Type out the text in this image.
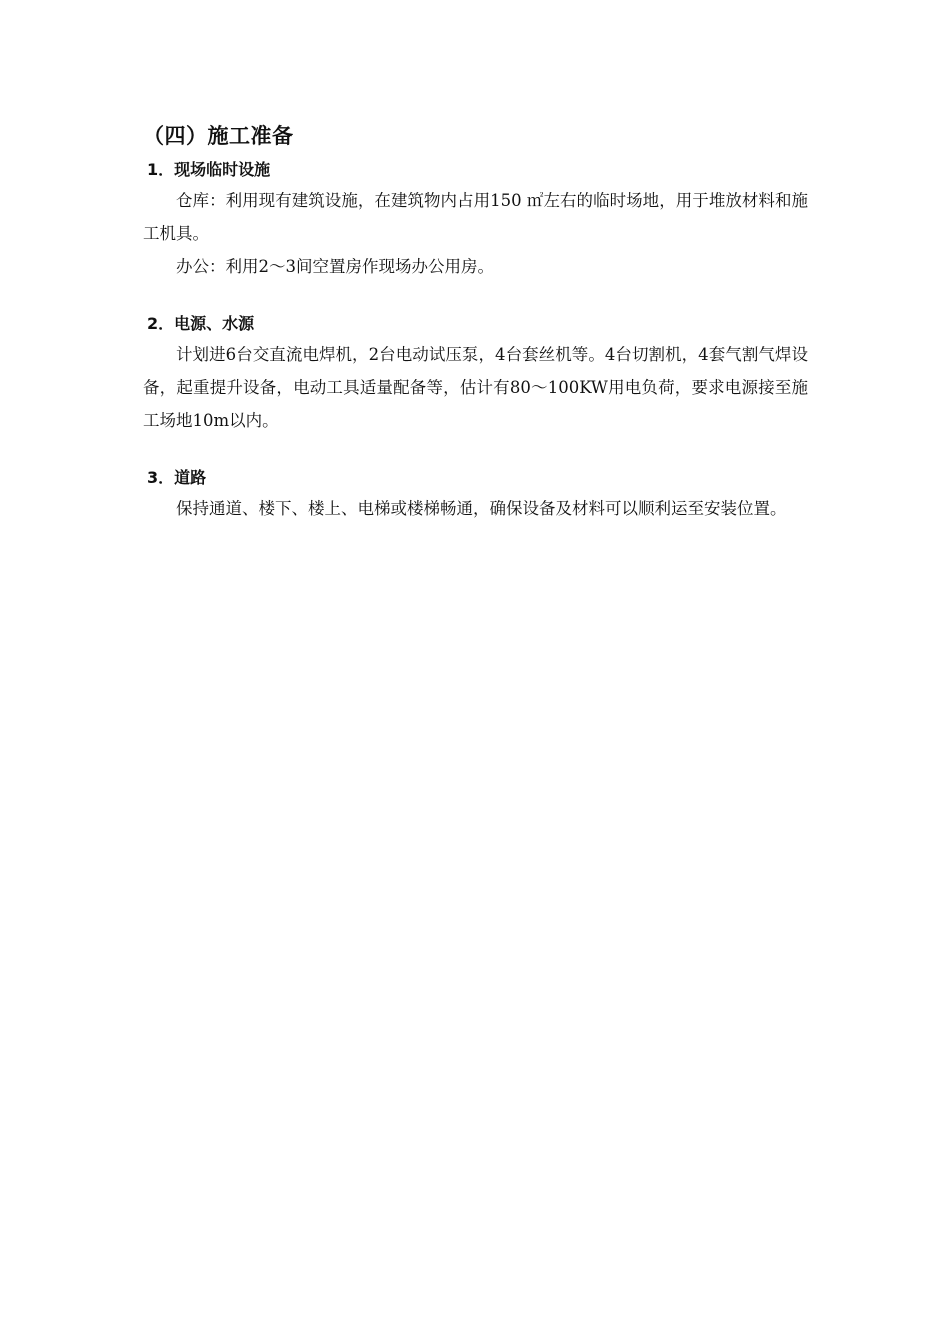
（四）施工准备
1．现场临时设施

仓库：利用现有建筑设施，在建筑物内占用150 ㎡左右的临时场地，用于堆放材料和施工机具。

办公：利用2～3间空置房作现场办公用房。

2．电源、水源

计划进6台交直流电焊机，2台电动试压泵，4台套丝机等。4台切割机，4套气割气焊设备，起重提升设备，电动工具适量配备等，估计有80～100KW用电负荷，要求电源接至施工场地10m以内。

3．道路

保持通道、楼下、楼上、电梯或楼梯畅通，确保设备及材料可以顺利运至安装位置。
